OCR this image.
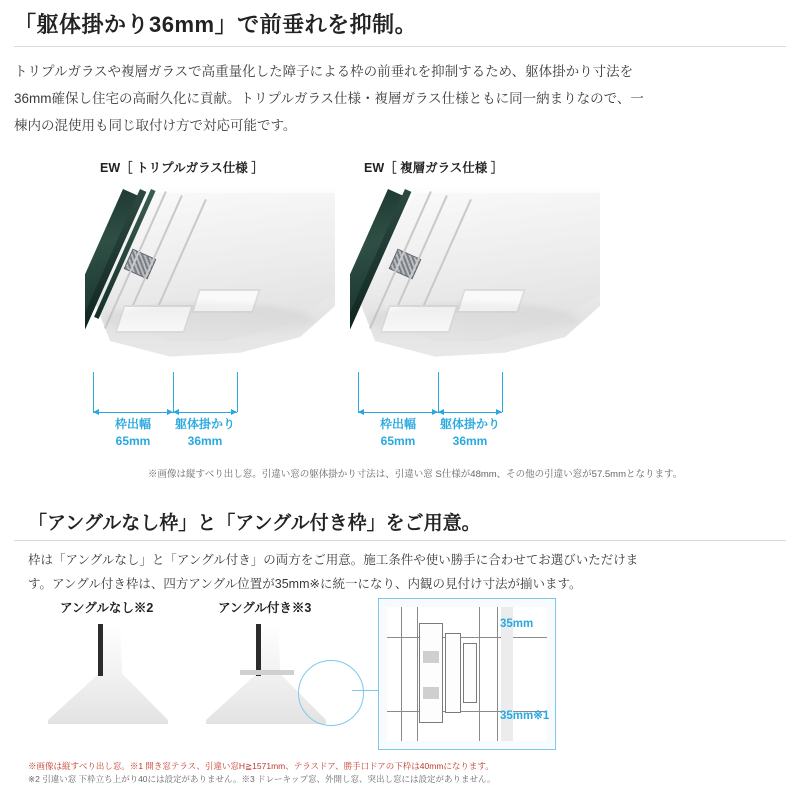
「躯体掛かり36mm」で前垂れを抑制。
トリプルガラスや複層ガラスで高重量化した障子による枠の前垂れを抑制するため、躯体掛かり寸法を36mm確保し住宅の高耐久化に貢献。トリプルガラス仕様・複層ガラス仕様ともに同一納まりなので、一棟内の混使用も同じ取付け方で対応可能です。
EW［ トリプルガラス仕様 ］	EW［ 複層ガラス仕様 ］
枠出幅
65mm
躯体掛かり
36mm
枠出幅
65mm
躯体掛かり
36mm
※画像は縦すべり出し窓。引違い窓の躯体掛かり寸法は、引違い窓 S仕様が48mm、その他の引違い窓が57.5mmとなります。
「アングルなし枠」と「アングル付き枠」をご用意。
枠は「アングルなし」と「アングル付き」の両方をご用意。施工条件や使い勝手に合わせてお選びいただけます。アングル付き枠は、四方アングル位置が35mm※に統一になり、内観の見付け寸法が揃います。
アングルなし※2	アングル付き※3
35mm
35mm※1
※画像は縦すべり出し窓。※1 開き窓テラス、引違い窓H≧1571mm、テラスドア、勝手口ドアの下枠は40mmになります。
※2 引違い窓 下枠立ち上がり40には設定がありません。※3 ドレーキップ窓、外開し窓、突出し窓には設定がありません。
